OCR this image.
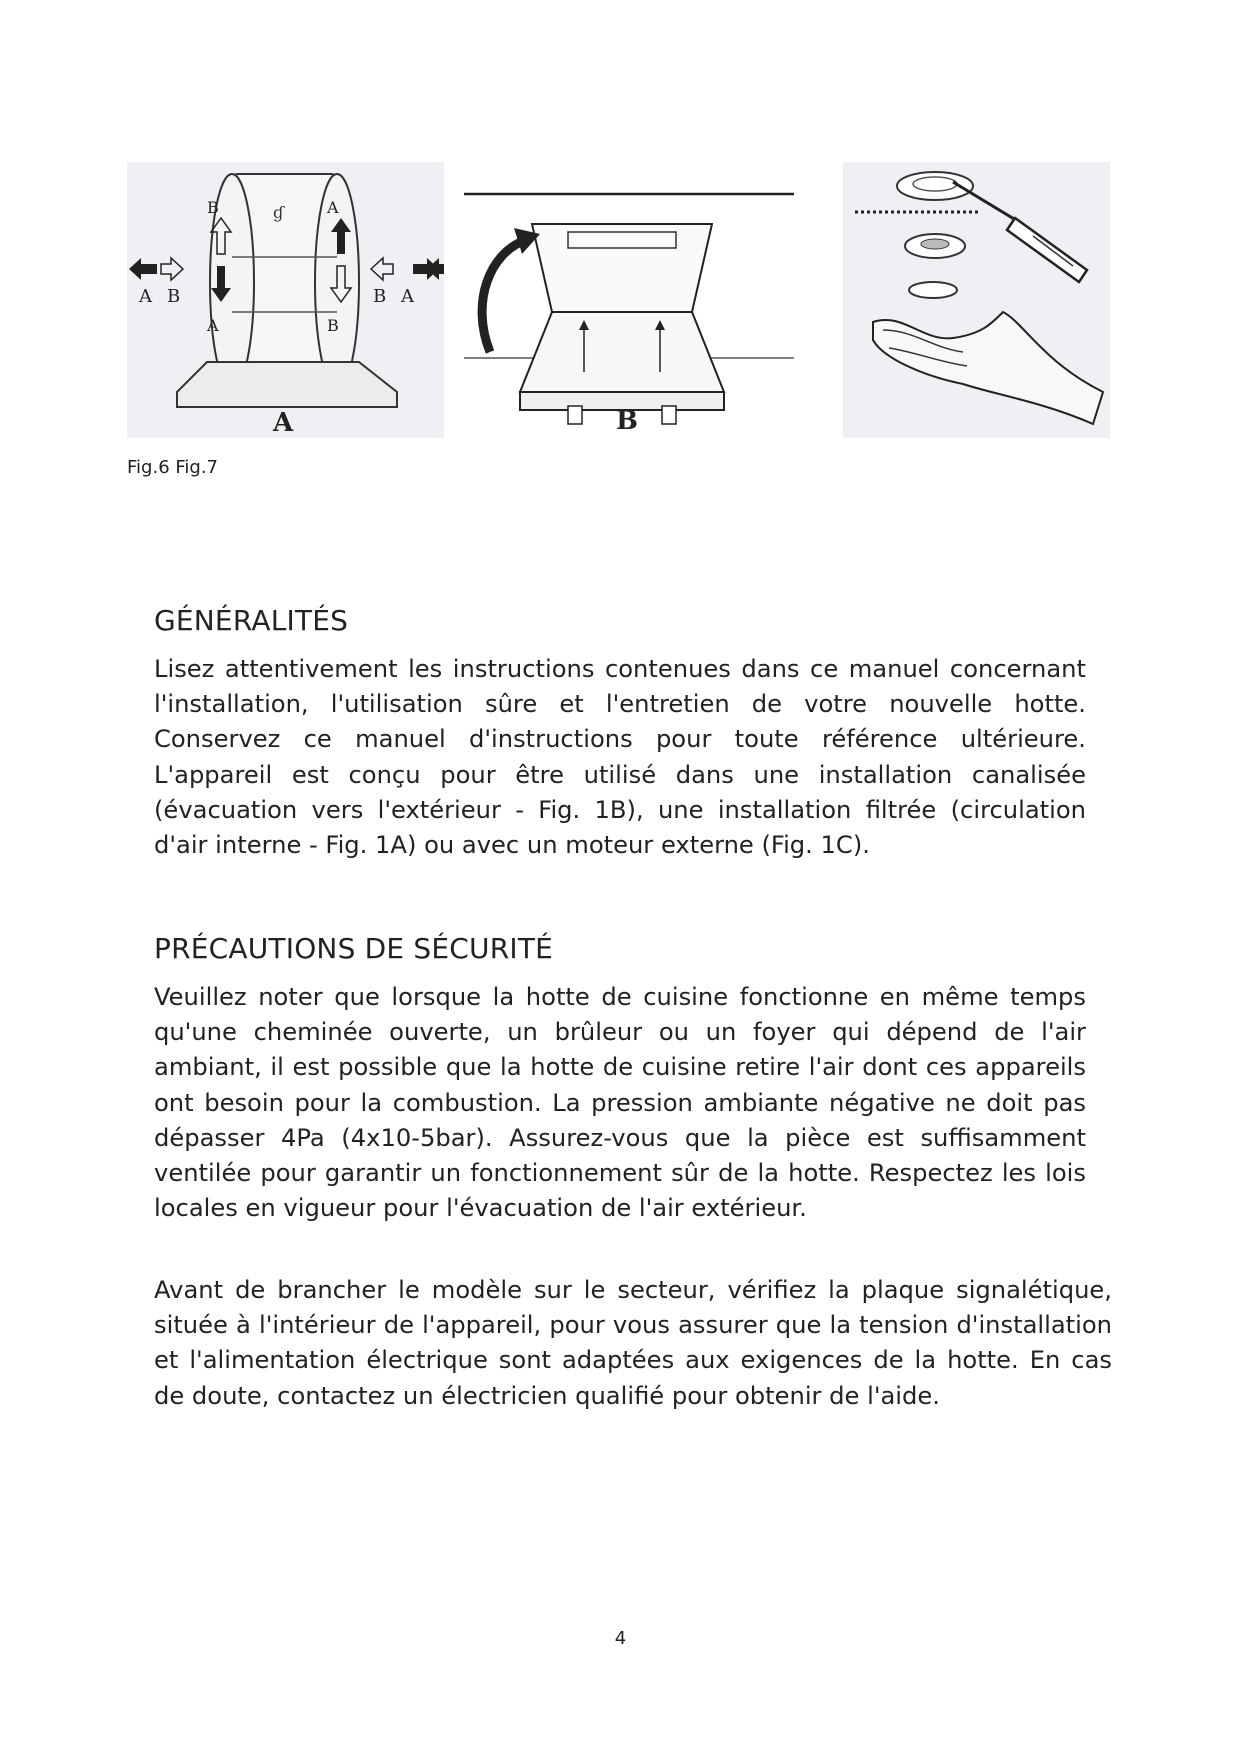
ɠ
A B
B
A
B A
A
B
A	B
Fig.6 Fig.7
GÉNÉRALITÉS

Lisez attentivement les instructions contenues dans ce manuel concernant l'installation, l'utilisation sûre et l'entretien de votre nouvelle hotte. Conservez ce manuel d'instructions pour toute référence ultérieure. L'appareil est conçu pour être utilisé dans une installation canalisée (évacuation vers l'extérieur - Fig. 1B), une installation filtrée (circulation d'air interne - Fig. 1A) ou avec un moteur externe (Fig. 1C).

PRÉCAUTIONS DE SÉCURITÉ

Veuillez noter que lorsque la hotte de cuisine fonctionne en même temps qu'une cheminée ouverte, un brûleur ou un foyer qui dépend de l'air ambiant, il est possible que la hotte de cuisine retire l'air dont ces appareils ont besoin pour la combustion. La pression ambiante négative ne doit pas dépasser 4Pa (4x10-5bar). Assurez-vous que la pièce est suffisamment ventilée pour garantir un fonctionnement sûr de la hotte. Respectez les lois locales en vigueur pour l'évacuation de l'air extérieur.

Avant de brancher le modèle sur le secteur, vérifiez la plaque signalétique, située à l'intérieur de l'appareil, pour vous assurer que la tension d'installation et l'alimentation électrique sont adaptées aux exigences de la hotte. En cas de doute, contactez un électricien qualifié pour obtenir de l'aide.

4
